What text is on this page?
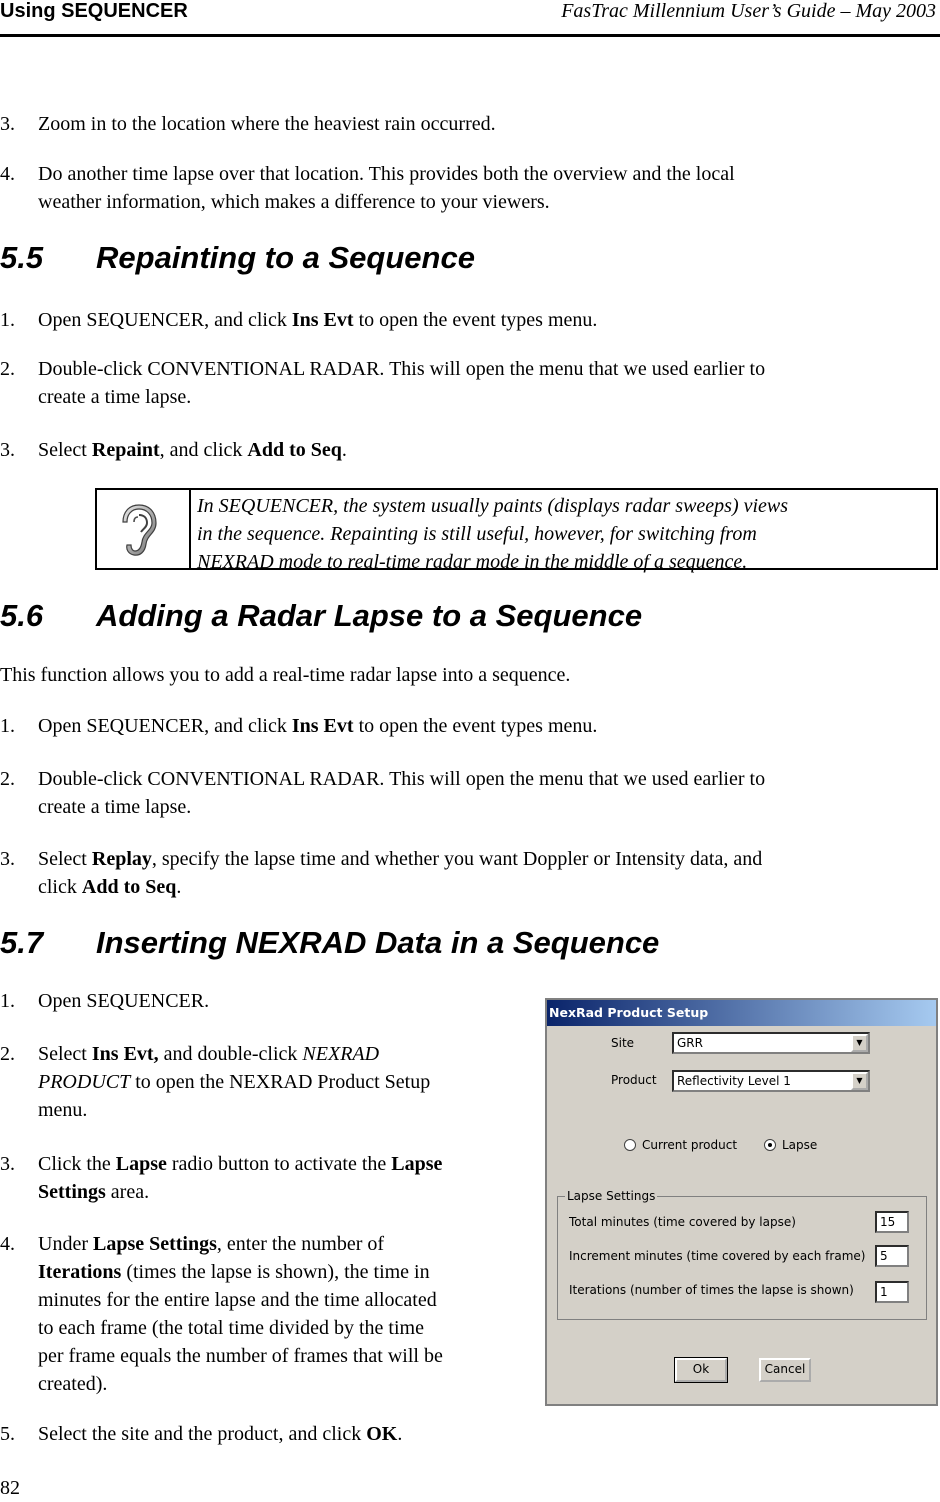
Using SEQUENCER	FasTrac Millennium User’s Guide – May 2003
3.	Zoom in to the location where the heaviest rain occurred.
4.	Do another time lapse over that location. This provides both the overview and the local
weather information, which makes a difference to your viewers.
5.5 Repainting to a Sequence
1.	Open SEQUENCER, and click Ins Evt to open the event types menu.
2.	Double-click CONVENTIONAL RADAR. This will open the menu that we used earlier to
create a time lapse.
3.	Select Repaint, and click Add to Seq.
In SEQUENCER, the system usually paints (displays radar sweeps) views
in the sequence. Repainting is still useful, however, for switching from
NEXRAD mode to real-time radar mode in the middle of a sequence.
5.6 Adding a Radar Lapse to a Sequence
This function allows you to add a real-time radar lapse into a sequence.
1.	Open SEQUENCER, and click Ins Evt to open the event types menu.
2.	Double-click CONVENTIONAL RADAR. This will open the menu that we used earlier to
create a time lapse.
3.	Select Replay, specify the lapse time and whether you want Doppler or Intensity data, and
click Add to Seq.
5.7 Inserting NEXRAD Data in a Sequence
1.	Open SEQUENCER.
2.	Select Ins Evt, and double-click NEXRAD
PRODUCT to open the NEXRAD Product Setup
menu.
3.	Click the Lapse radio button to activate the Lapse
Settings area.
4.	Under Lapse Settings, enter the number of
Iterations (times the lapse is shown), the time in
minutes for the entire lapse and the time allocated
to each frame (the total time divided by the time
per frame equals the number of frames that will be
created).
5.	Select the site and the product, and click OK.
NexRad Product Setup
Site	GRR	▼
Product Reflectivity Level 1	▼
Current product	Lapse
Lapse Settings
Total minutes (time covered by lapse)	15
Increment minutes (time covered by each frame)	5
Iterations (number of times the lapse is shown)	1
Ok	Cancel
82
